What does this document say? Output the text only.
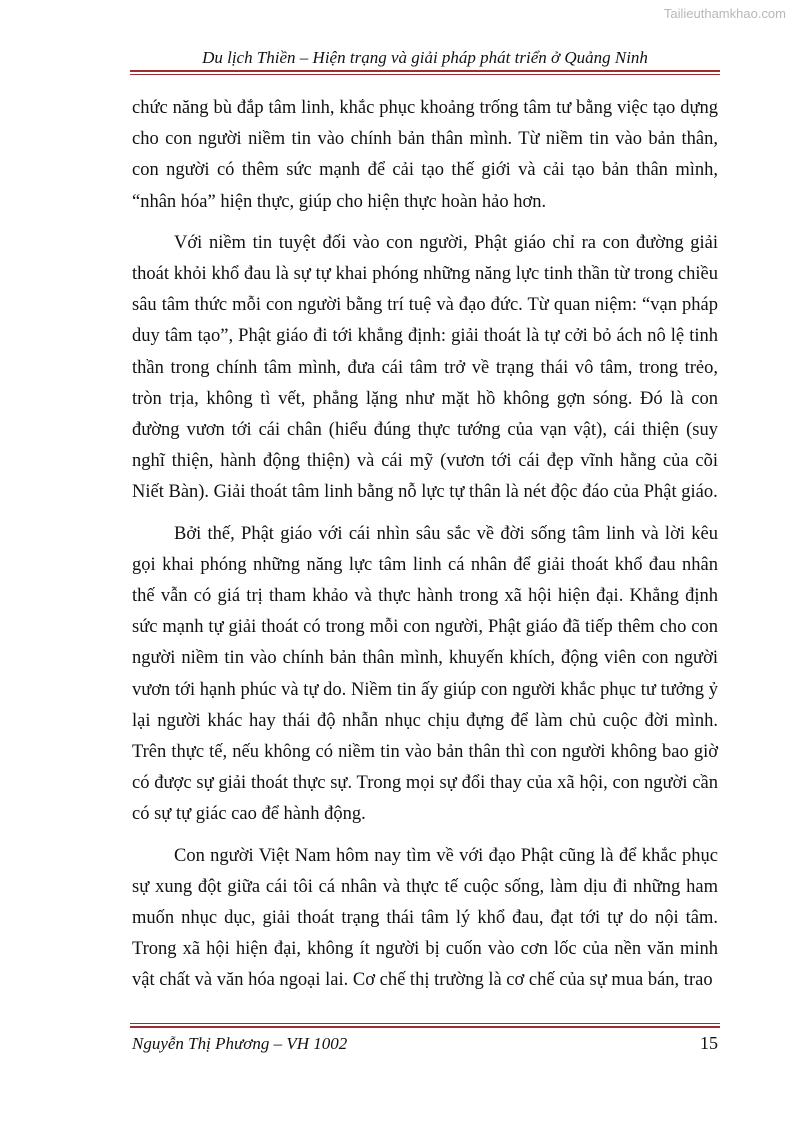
Tailieuthamkhao.com
Du lịch Thiền – Hiện trạng và giải pháp phát triển ở Quảng Ninh

chức năng bù đắp tâm linh, khắc phục khoảng trống tâm tư bằng việc tạo dựng cho con người niềm tin vào chính bản thân mình. Từ niềm tin vào bản thân, con người có thêm sức mạnh để cải tạo thế giới và cải tạo bản thân mình, “nhân hóa” hiện thực, giúp cho hiện thực hoàn hảo hơn.

Với niềm tin tuyệt đối vào con người, Phật giáo chỉ ra con đường giải thoát khỏi khổ đau là sự tự khai phóng những năng lực tinh thần từ trong chiều sâu tâm thức mỗi con người bằng trí tuệ và đạo đức. Từ quan niệm: “vạn pháp duy tâm tạo”, Phật giáo đi tới khẳng định: giải thoát là tự cởi bỏ ách nô lệ tinh thần trong chính tâm mình, đưa cái tâm trở về trạng thái vô tâm, trong trẻo, tròn trịa, không tì vết, phẳng lặng như mặt hồ không gợn sóng. Đó là con đường vươn tới cái chân (hiểu đúng thực tướng của vạn vật), cái thiện (suy nghĩ thiện, hành động thiện) và cái mỹ (vươn tới cái đẹp vĩnh hằng của cõi Niết Bàn). Giải thoát tâm linh bằng nỗ lực tự thân là nét độc đáo của Phật giáo.

Bởi thế, Phật giáo với cái nhìn sâu sắc về đời sống tâm linh và lời kêu gọi khai phóng những năng lực tâm linh cá nhân để giải thoát khổ đau nhân thế vẫn có giá trị tham khảo và thực hành trong xã hội hiện đại. Khẳng định sức mạnh tự giải thoát có trong mỗi con người, Phật giáo đã tiếp thêm cho con người niềm tin vào chính bản thân mình, khuyến khích, động viên con người vươn tới hạnh phúc và tự do. Niềm tin ấy giúp con người khắc phục tư tưởng ỷ lại người khác hay thái độ nhẫn nhục chịu đựng để làm chủ cuộc đời mình. Trên thực tế, nếu không có niềm tin vào bản thân thì con người không bao giờ có được sự giải thoát thực sự. Trong mọi sự đổi thay của xã hội, con người cần có sự tự giác cao để hành động.

Con người Việt Nam hôm nay tìm về với đạo Phật cũng là để khắc phục sự xung đột giữa cái tôi cá nhân và thực tế cuộc sống, làm dịu đi những ham muốn nhục dục, giải thoát trạng thái tâm lý khổ đau, đạt tới tự do nội tâm. Trong xã hội hiện đại, không ít người bị cuốn vào cơn lốc của nền văn minh vật chất và văn hóa ngoại lai. Cơ chế thị trường là cơ chế của sự mua bán, trao

Nguyễn Thị Phương – VH 1002	15
